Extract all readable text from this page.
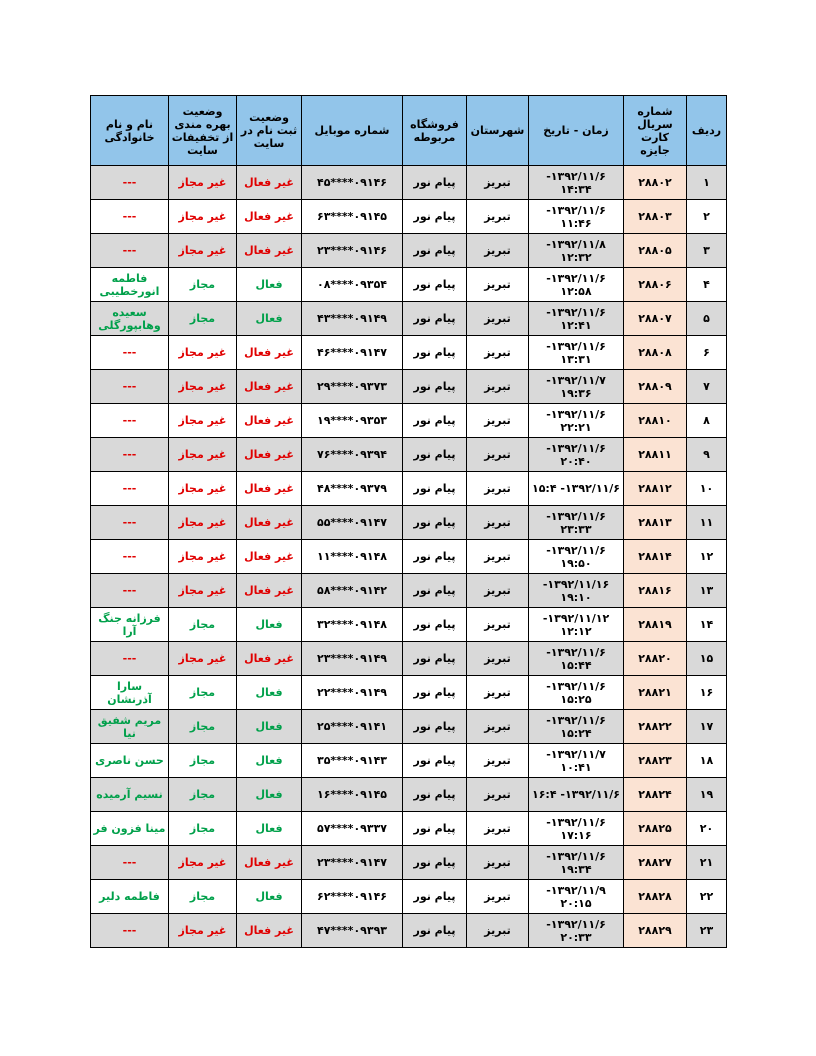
ردیف	شماره سریال کارت جایزه	زمان - تاریخ	شهرستان	فروشگاه مربوطه	شماره موبایل	وضعیت ثبت نام در سایت	وضعیت بهره مندی از تخفیفات سایت	نام و نام خانوادگی
۱	۲۸۸۰۲	۱۳۹۲/۱۱/۶- ۱۴:۳۴	تبریز	پیام نور	۰۹۱۴۶****۴۵	غیر فعال	غیر مجاز	---
۲	۲۸۸۰۳	۱۳۹۲/۱۱/۶- ۱۱:۴۶	تبریز	پیام نور	۰۹۱۴۵****۶۳	غیر فعال	غیر مجاز	---
۳	۲۸۸۰۵	۱۳۹۲/۱۱/۸- ۱۲:۳۲	تبریز	پیام نور	۰۹۱۴۶****۲۳	غیر فعال	غیر مجاز	---
۴	۲۸۸۰۶	۱۳۹۲/۱۱/۶- ۱۲:۵۸	تبریز	پیام نور	۰۹۳۵۴****۰۸	فعال	مجاز	فاطمه انورخطیبی
۵	۲۸۸۰۷	۱۳۹۲/۱۱/۶- ۱۲:۴۱	تبریز	پیام نور	۰۹۱۴۹****۴۳	فعال	مجاز	سعیده وهابپورگلی
۶	۲۸۸۰۸	۱۳۹۲/۱۱/۶- ۱۳:۳۱	تبریز	پیام نور	۰۹۱۴۷****۴۶	غیر فعال	غیر مجاز	---
۷	۲۸۸۰۹	۱۳۹۲/۱۱/۷- ۱۹:۳۶	تبریز	پیام نور	۰۹۳۷۳****۲۹	غیر فعال	غیر مجاز	---
۸	۲۸۸۱۰	۱۳۹۲/۱۱/۶- ۲۲:۲۱	تبریز	پیام نور	۰۹۳۵۳****۱۹	غیر فعال	غیر مجاز	---
۹	۲۸۸۱۱	۱۳۹۲/۱۱/۶- ۲۰:۴۰	تبریز	پیام نور	۰۹۳۹۴****۷۶	غیر فعال	غیر مجاز	---
۱۰	۲۸۸۱۲	۱۳۹۲/۱۱/۶- ۱۵:۴	تبریز	پیام نور	۰۹۳۷۹****۴۸	غیر فعال	غیر مجاز	---
۱۱	۲۸۸۱۳	۱۳۹۲/۱۱/۶- ۲۳:۳۳	تبریز	پیام نور	۰۹۱۴۷****۵۵	غیر فعال	غیر مجاز	---
۱۲	۲۸۸۱۴	۱۳۹۲/۱۱/۶- ۱۹:۵۰	تبریز	پیام نور	۰۹۱۴۸****۱۱	غیر فعال	غیر مجاز	---
۱۳	۲۸۸۱۶	۱۳۹۲/۱۱/۱۶- ۱۹:۱۰	تبریز	پیام نور	۰۹۱۴۲****۵۸	غیر فعال	غیر مجاز	---
۱۴	۲۸۸۱۹	۱۳۹۲/۱۱/۱۲- ۱۲:۱۲	تبریز	پیام نور	۰۹۱۴۸****۳۲	فعال	مجاز	فرزانه جنگ آرا
۱۵	۲۸۸۲۰	۱۳۹۲/۱۱/۶- ۱۵:۴۴	تبریز	پیام نور	۰۹۱۴۹****۲۳	غیر فعال	غیر مجاز	---
۱۶	۲۸۸۲۱	۱۳۹۲/۱۱/۶- ۱۵:۲۵	تبریز	پیام نور	۰۹۱۴۹****۲۲	فعال	مجاز	سارا آذرنشان
۱۷	۲۸۸۲۲	۱۳۹۲/۱۱/۶- ۱۵:۲۴	تبریز	پیام نور	۰۹۱۴۱****۲۵	فعال	مجاز	مریم شفیق نیا
۱۸	۲۸۸۲۳	۱۳۹۲/۱۱/۷- ۱۰:۴۱	تبریز	پیام نور	۰۹۱۴۳****۳۵	فعال	مجاز	حسن ناصری
۱۹	۲۸۸۲۴	۱۳۹۲/۱۱/۶- ۱۶:۴	تبریز	پیام نور	۰۹۱۴۵****۱۶	فعال	مجاز	نسیم آرمیده
۲۰	۲۸۸۲۵	۱۳۹۲/۱۱/۶- ۱۷:۱۶	تبریز	پیام نور	۰۹۳۳۷****۵۷	فعال	مجاز	مینا فزون فر
۲۱	۲۸۸۲۷	۱۳۹۲/۱۱/۶- ۱۹:۳۴	تبریز	پیام نور	۰۹۱۴۷****۲۳	غیر فعال	غیر مجاز	---
۲۲	۲۸۸۲۸	۱۳۹۲/۱۱/۹- ۲۰:۱۵	تبریز	پیام نور	۰۹۱۴۶****۶۲	فعال	مجاز	فاطمه دلیر
۲۳	۲۸۸۲۹	۱۳۹۲/۱۱/۶- ۲۰:۳۳	تبریز	پیام نور	۰۹۳۹۳****۴۷	غیر فعال	غیر مجاز	---
